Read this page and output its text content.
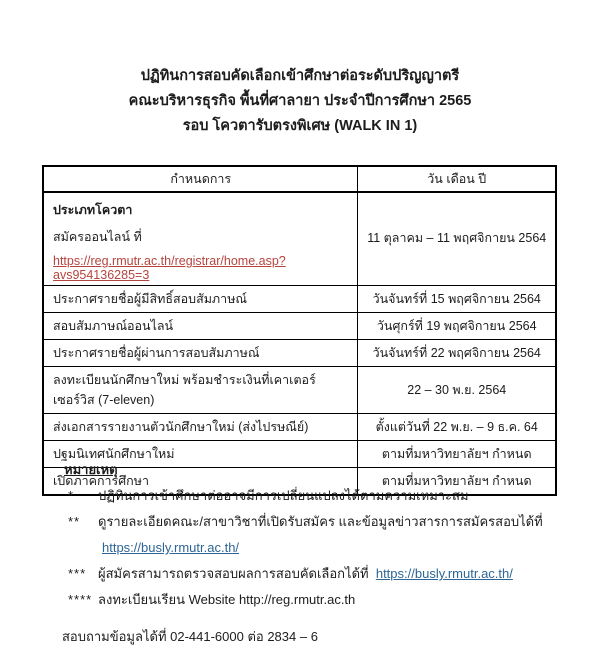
ปฏิทินการสอบคัดเลือกเข้าศึกษาต่อระดับปริญญาตรี
คณะบริหารธุรกิจ พื้นที่ศาลายา ประจำปีการศึกษา 2565
รอบ โควตารับตรงพิเศษ (WALK IN 1)
กำหนดการ	วัน เดือน ปี

ประเภทโควตา
สมัครออนไลน์ ที่
https://reg.rmutr.ac.th/registrar/home.asp?avs954136285=3	11 ตุลาคม – 11 พฤศจิกายน 2564

ประกาศรายชื่อผู้มีสิทธิ์สอบสัมภาษณ์	วันจันทร์ที่ 15 พฤศจิกายน 2564
สอบสัมภาษณ์ออนไลน์	วันศุกร์ที่ 19 พฤศจิกายน 2564
ประกาศรายชื่อผู้ผ่านการสอบสัมภาษณ์	วันจันทร์ที่ 22 พฤศจิกายน 2564
ลงทะเบียนนักศึกษาใหม่ พร้อมชำระเงินที่เคาเตอร์เซอร์วิส (7-eleven)	22 – 30 พ.ย. 2564
ส่งเอกสารรายงานตัวนักศึกษาใหม่ (ส่งไปรษณีย์)	ตั้งแต่วันที่ 22 พ.ย. – 9 ธ.ค. 64
ปฐมนิเทศนักศึกษาใหม่	ตามที่มหาวิทยาลัยฯ กำหนด
เปิดภาคการศึกษา	ตามที่มหาวิทยาลัยฯ กำหนด
หมายเหตุ
*	ปฏิทินการเข้าศึกษาต่ออาจมีการเปลี่ยนแปลงได้ตามความเหมาะสม
**	ดูรายละเอียดคณะ/สาขาวิชาที่เปิดรับสมัคร และข้อมูลข่าวสารการสมัครสอบได้ที่
https://busly.rmutr.ac.th/
*** ผู้สมัครสามารถตรวจสอบผลการสอบคัดเลือกได้ที่ https://busly.rmutr.ac.th/
**** ลงทะเบียนเรียน Website http://reg.rmutr.ac.th
สอบถามข้อมูลได้ที่ 02-441-6000 ต่อ 2834 – 6
